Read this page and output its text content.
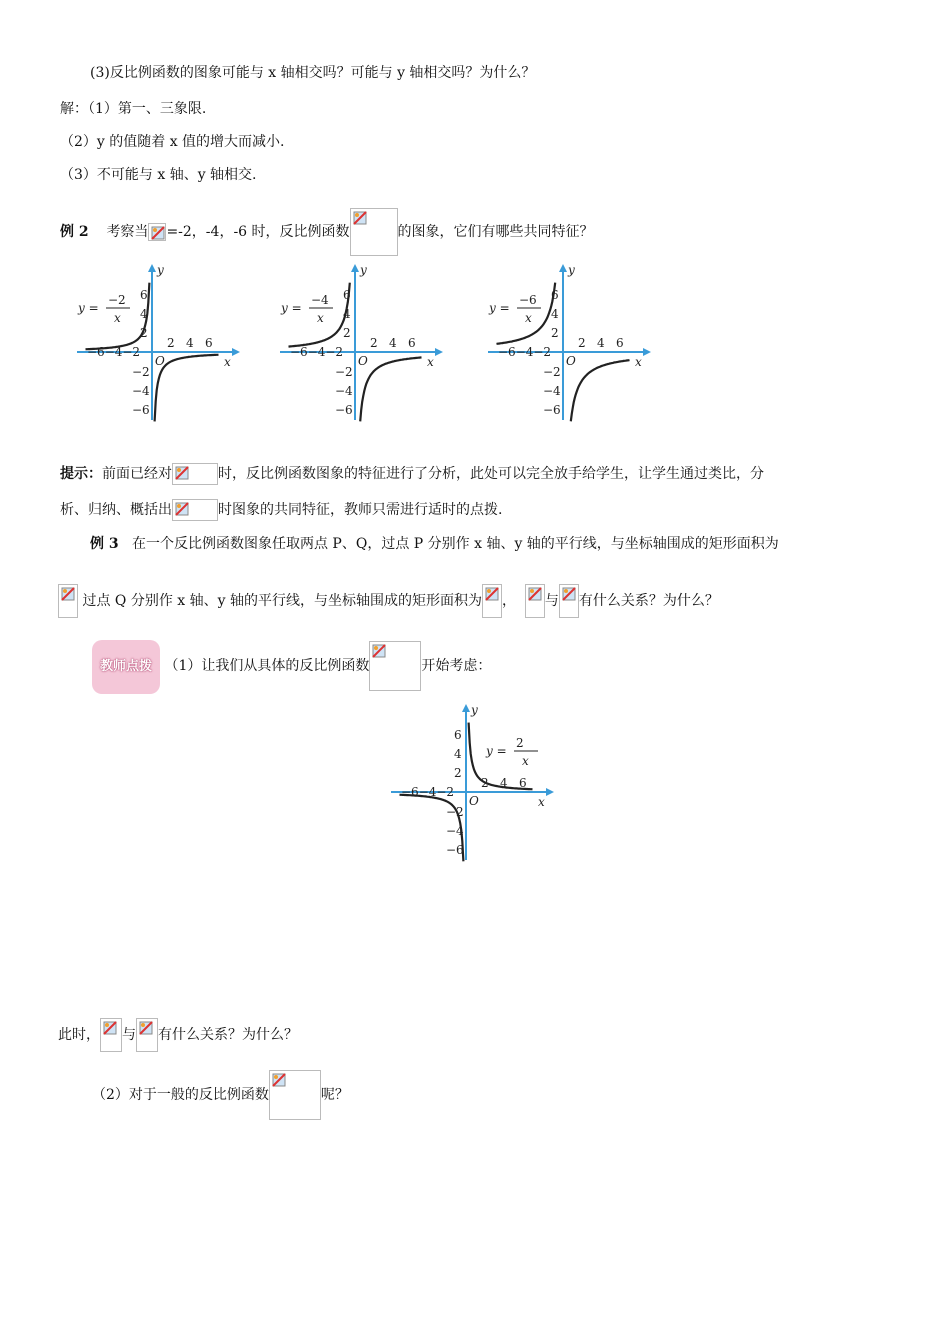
(3)反比例函数的图象可能与 x 轴相交吗？可能与 y 轴相交吗？为什么？
解：（1）第一、三象限.
（2）y 的值随着 x 值的增大而减小.
（3）不可能与 x 轴、y 轴相交.
例 2 考察当 =-2，-4，-6 时，反比例函数	的图象，它们有哪些共同特征？
x
y
O
2 4 6
−6−4−2
2
4
6
−2
−4
−6
y =
−2
x
x
y
O
2 4 6
−6−4−2
2
4
6
−2
−4
−6
y =
−4
x
x
y
O
2 4 6
−6−4−2
2
4
6
−2
−4
−6
y =
−6
x
提示：前面已经对	时，反比例函数图象的特征进行了分析，此处可以完全放手给学生，让学生通过类比，分
析、归纳、概括出	时图象的共同特征，教师只需进行适时的点拨.
例 3 在一个反比例函数图象任取两点 P、Q，过点 P 分别作 x 轴、y 轴的平行线，与坐标轴围成的矩形面积为
过点 Q 分别作 x 轴、y 轴的平行线，与坐标轴围成的矩形面积为 ， 与 有什么关系？为什么？
教师点拨 （1）让我们从具体的反比例函数	开始考虑：
x
y
O
2 4 6
−6−4−2
2
4
6
−2
−4
−6
y =
2
x
此时， 与 有什么关系？为什么？
（2）对于一般的反比例函数	呢？
